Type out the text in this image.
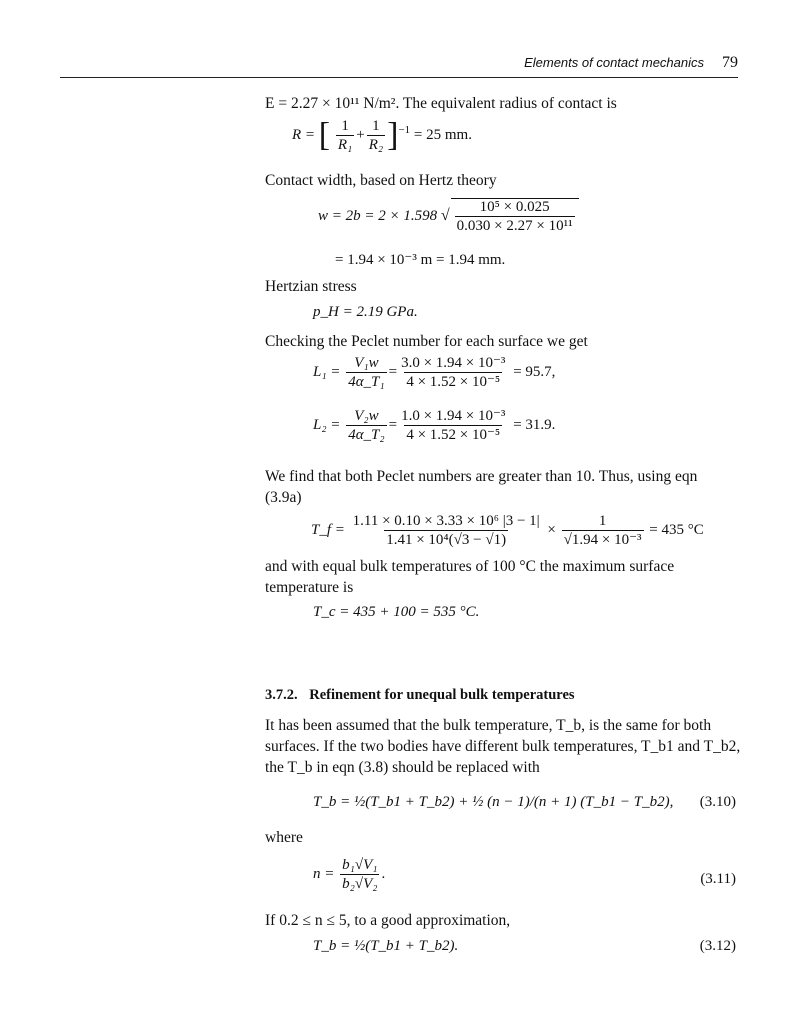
Elements of contact mechanics 79
E = 2.27 × 10¹¹ N/m². The equivalent radius of contact is
R = [ $\frac{1}{\text{R₁}} + \frac{1}{\text{R₂}} ]^{-1} = 25$ mm.
Contact width, based on Hertz theory
w = 2b = 2 × 1.598 √ $\frac{\text{10⁵ × 0.025}}{\text{0.030 × 2.27 × 10¹¹}}$
= 1.94 × 10⁻³ m = 1.94 mm.
Hertzian stress
p_H = 2.19 GPa.
Checking the Peclet number for each surface we get
$L_1 = \frac{\text{V₁w}}{\text{4α\_T₁}} = \frac{\text{3.0 × 1.94 × 10⁻³}}{\text{4 × 1.52 × 10⁻⁵}} = 95.7$,
$L_2 = \frac{\text{V₂w}}{\text{4α\_T₂}} = \frac{\text{1.0 × 1.94 × 10⁻³}}{\text{4 × 1.52 × 10⁻⁵}} = 31.9$.
We find that both Peclet numbers are greater than 10. Thus, using eqn
(3.9a)
T_f = $\frac{\text{1.11 × 0.10 × 3.33 × 10⁶ |3 − 1|}}{\text{1.41 × 10⁴(√3 − √1)}} \times \frac{1}{\text{√1.94 × 10⁻³}} = 435$ °C
and with equal bulk temperatures of 100 °C the maximum surface
temperature is
T_c = 435 + 100 = 535 °C.
3.7.2. Refinement for unequal bulk temperatures
It has been assumed that the bulk temperature, T_b, is the same for both
surfaces. If the two bodies have different bulk temperatures, T_b1 and T_b2,
the T_b in eqn (3.8) should be replaced with
T_b = ½(T_b1 + T_b2) + ½ (n − 1)/(n + 1) (T_b1 − T_b2), (3.10)
where
$n = \frac{\text{b₁√V₁}}{\text{b₂√V₂}}$ .	(3.11)
If 0.2 ≤ n ≤ 5, to a good approximation,
T_b = ½(T_b1 + T_b2).	(3.12)
